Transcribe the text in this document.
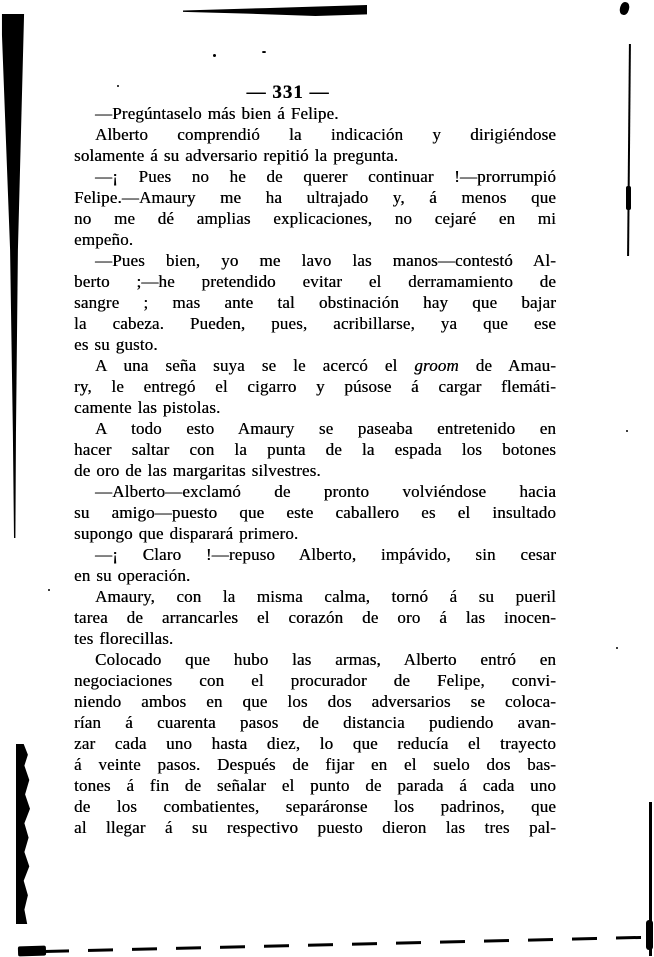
— 331 —
—Pregúntaselo más bien á Felipe.
Alberto comprendió la indicación y dirigiéndose
solamente á su adversario repitió la pregunta.
—¡ Pues no he de querer continuar !—prorrumpió
Felipe.—Amaury me ha ultrajado y, á menos que
no me dé amplias explicaciones, no cejaré en mi
empeño.
—Pues bien, yo me lavo las manos—contestó Al-
berto ;—he pretendido evitar el derramamiento de
sangre ; mas ante tal obstinación hay que bajar
la cabeza. Pueden, pues, acribillarse, ya que ese
es su gusto.
A una seña suya se le acercó el groom de Amau-
ry, le entregó el cigarro y púsose á cargar flemáti-
camente las pistolas.
A todo esto Amaury se paseaba entretenido en
hacer saltar con la punta de la espada los botones
de oro de las margaritas silvestres.
—Alberto—exclamó de pronto volviéndose hacia
su amigo—puesto que este caballero es el insultado
supongo que disparará primero.
—¡ Claro !—repuso Alberto, impávido, sin cesar
en su operación.
Amaury, con la misma calma, tornó á su pueril
tarea de arrancarles el corazón de oro á las inocen-
tes florecillas.
Colocado que hubo las armas, Alberto entró en
negociaciones con el procurador de Felipe, convi-
niendo ambos en que los dos adversarios se coloca-
rían á cuarenta pasos de distancia pudiendo avan-
zar cada uno hasta diez, lo que reducía el trayecto
á veinte pasos. Después de fijar en el suelo dos bas-
tones á fin de señalar el punto de parada á cada uno
de los combatientes, separáronse los padrinos, que
al llegar á su respectivo puesto dieron las tres pal-
